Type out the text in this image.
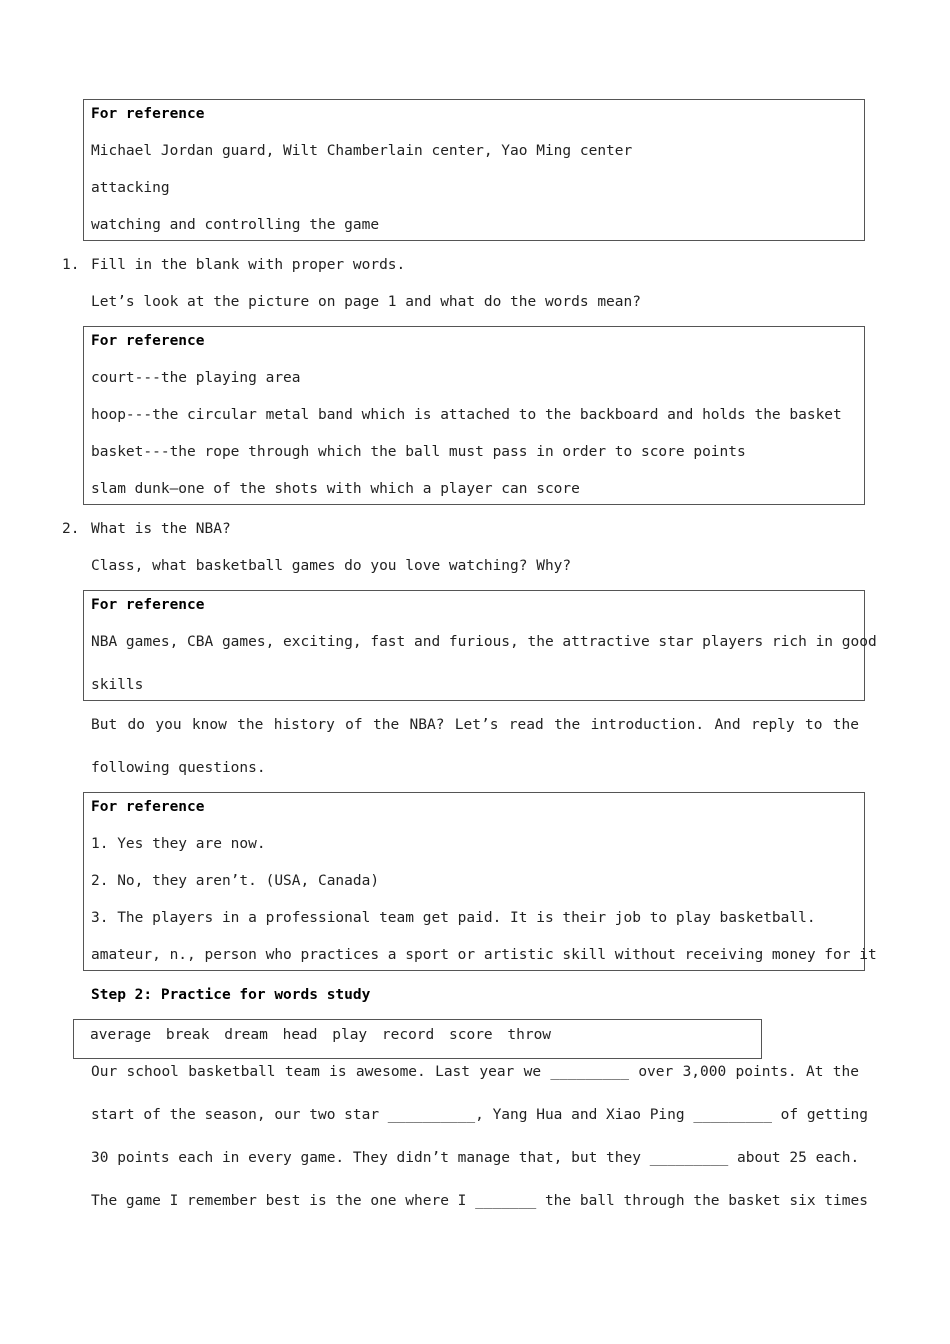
For reference
Michael Jordan guard, Wilt Chamberlain center, Yao Ming center
attacking
watching and controlling the game
1. Fill in the blank with proper words.
Let’s look at the picture on page 1 and what do the words mean?
For reference
court---the playing area
hoop---the circular metal band which is attached to the backboard and holds the basket
basket---the rope through which the ball must pass in order to score points
slam dunk—one of the shots with which a player can score
2. What is the NBA?
Class, what basketball games do you love watching? Why?
For reference
NBA games, CBA games, exciting, fast and furious, the attractive star players rich in good
skills
But do you know the history of the NBA? Let’s read the introduction. And reply to the
following questions.
For reference
1. Yes they are now.
2. No, they aren’t. (USA, Canada)
3. The players in a professional team get paid. It is their job to play basketball.
amateur, n., person who practices a sport or artistic skill without receiving money for it
Step 2: Practice for words study
average break dream head play record score throw
Our school basketball team is awesome. Last year we _________ over 3,000 points. At the
start of the season, our two star __________, Yang Hua and Xiao Ping _________ of getting
30 points each in every game. They didn’t manage that, but they _________ about 25 each.
The game I remember best is the one where I _______ the ball through the basket six times
